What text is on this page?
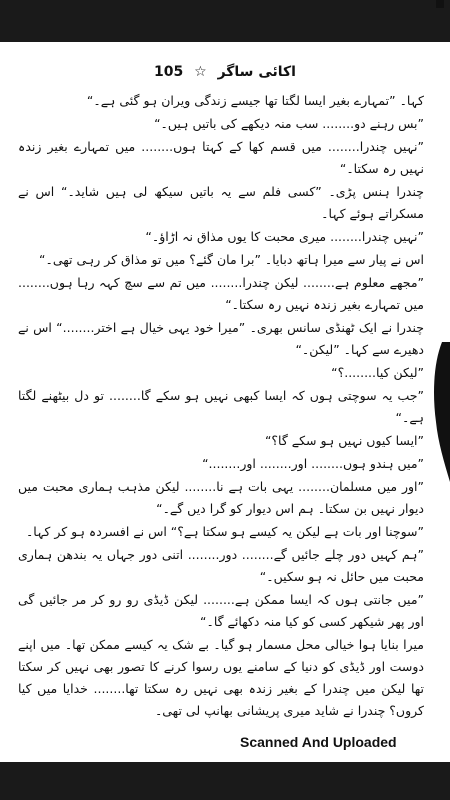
اکائی ساگر ☆ 105

کہا۔ ”تمہارے بغیر ایسا لگتا تھا جیسے زندگی ویران ہو گئی ہے۔“

”بس رہنے دو........ سب منہ دیکھے کی باتیں ہیں۔“

”نہیں چندرا........ میں قسم کھا کے کہتا ہوں........ میں تمہارے بغیر زندہ نہیں رہ سکتا۔“

چندرا ہنس پڑی۔ ”کسی فلم سے یہ باتیں سیکھ لی ہیں شاید۔“ اس نے مسکراتے ہوئے کہا۔

”نہیں چندرا........ میری محبت کا یوں مذاق نہ اڑاؤ۔“

اس نے پیار سے میرا ہاتھ دبایا۔ ”برا مان گئے؟ میں تو مذاق کر رہی تھی۔“

”مجھے معلوم ہے........ لیکن چندرا........ میں تم سے سچ کہہ رہا ہوں........ میں تمہارے بغیر زندہ نہیں رہ سکتا۔“

چندرا نے ایک ٹھنڈی سانس بھری۔ ”میرا خود یہی خیال ہے اختر........“ اس نے دھیرے سے کہا۔ ”لیکن۔“

”لیکن کیا........؟“

”جب یہ سوچتی ہوں کہ ایسا کبھی نہیں ہو سکے گا........ تو دل بیٹھنے لگتا ہے۔“

”ایسا کیوں نہیں ہو سکے گا؟“

”میں ہندو ہوں........ اور........ اور........“

”اور میں مسلمان........ یہی بات ہے نا........ لیکن مذہب ہماری محبت میں دیوار نہیں بن سکتا۔ ہم اس دیوار کو گرا دیں گے۔“

”سوچنا اور بات ہے لیکن یہ کیسے ہو سکتا ہے؟“ اس نے افسردہ ہو کر کہا۔

”ہم کہیں دور چلے جائیں گے........ دور........ اتنی دور جہاں یہ بندھن ہماری محبت میں حائل نہ ہو سکیں۔“

”میں جانتی ہوں کہ ایسا ممکن ہے........ لیکن ڈیڈی رو رو کر مر جائیں گی اور پھر شیکھر کسی کو کیا منہ دکھائے گا۔“

میرا بنایا ہوا خیالی محل مسمار ہو گیا۔ بے شک یہ کیسے ممکن تھا۔ میں اپنے دوست اور ڈیڈی کو دنیا کے سامنے یوں رسوا کرنے کا تصور بھی نہیں کر سکتا تھا لیکن میں چندرا کے بغیر زندہ بھی نہیں رہ سکتا تھا........ خدایا میں کیا کروں؟ چندرا نے شاید میری پریشانی بھانپ لی تھی۔

Scanned And Uploaded
